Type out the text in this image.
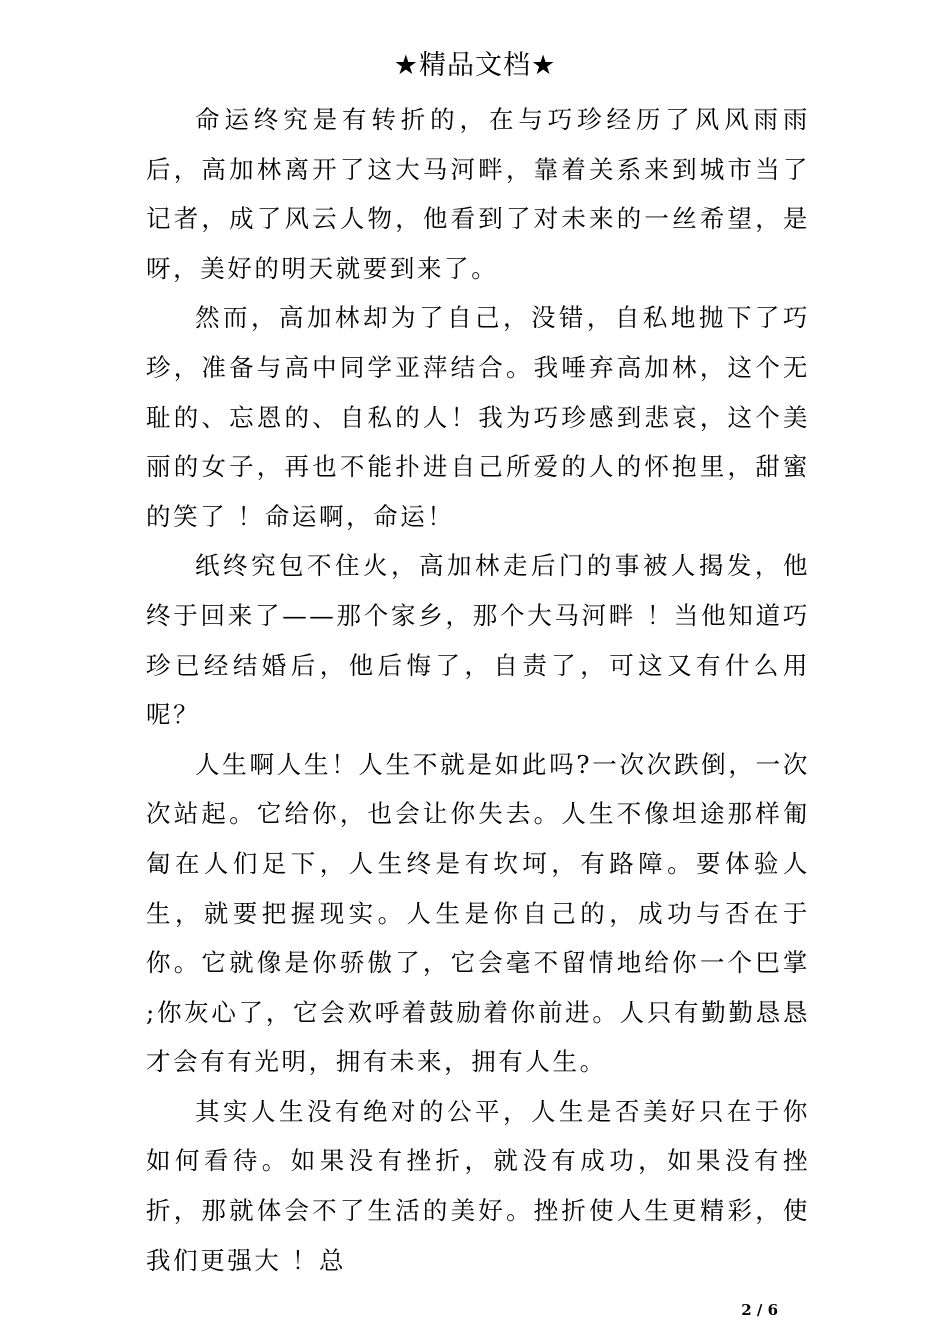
★精品文档★

命运终究是有转折的，在与巧珍经历了风风雨雨后，高加林离开了这大马河畔，靠着关系来到城市当了记者，成了风云人物，他看到了对未来的一丝希望，是呀，美好的明天就要到来了。

然而，高加林却为了自己，没错，自私地抛下了巧珍，准备与高中同学亚萍结合。我唾弃高加林，这个无耻的、忘恩的、自私的人！我为巧珍感到悲哀，这个美丽的女子，再也不能扑进自己所爱的人的怀抱里，甜蜜的笑了 ！命运啊，命运！

纸终究包不住火，高加林走后门的事被人揭发，他终于回来了——那个家乡，那个大马河畔 ！当他知道巧珍已经结婚后，他后悔了，自责了，可这又有什么用呢？

人生啊人生！人生不就是如此吗?一次次跌倒，一次次站起。它给你，也会让你失去。人生不像坦途那样匍匐在人们足下，人生终是有坎坷，有路障。要体验人生，就要把握现实。人生是你自己的，成功与否在于你。它就像是你骄傲了，它会毫不留情地给你一个巴掌 ;你灰心了，它会欢呼着鼓励着你前进。人只有勤勤恳恳才会有有光明，拥有未来，拥有人生。

其实人生没有绝对的公平，人生是否美好只在于你如何看待。如果没有挫折，就没有成功，如果没有挫折，那就体会不了生活的美好。挫折使人生更精彩，使我们更强大 ！总

2 / 6
